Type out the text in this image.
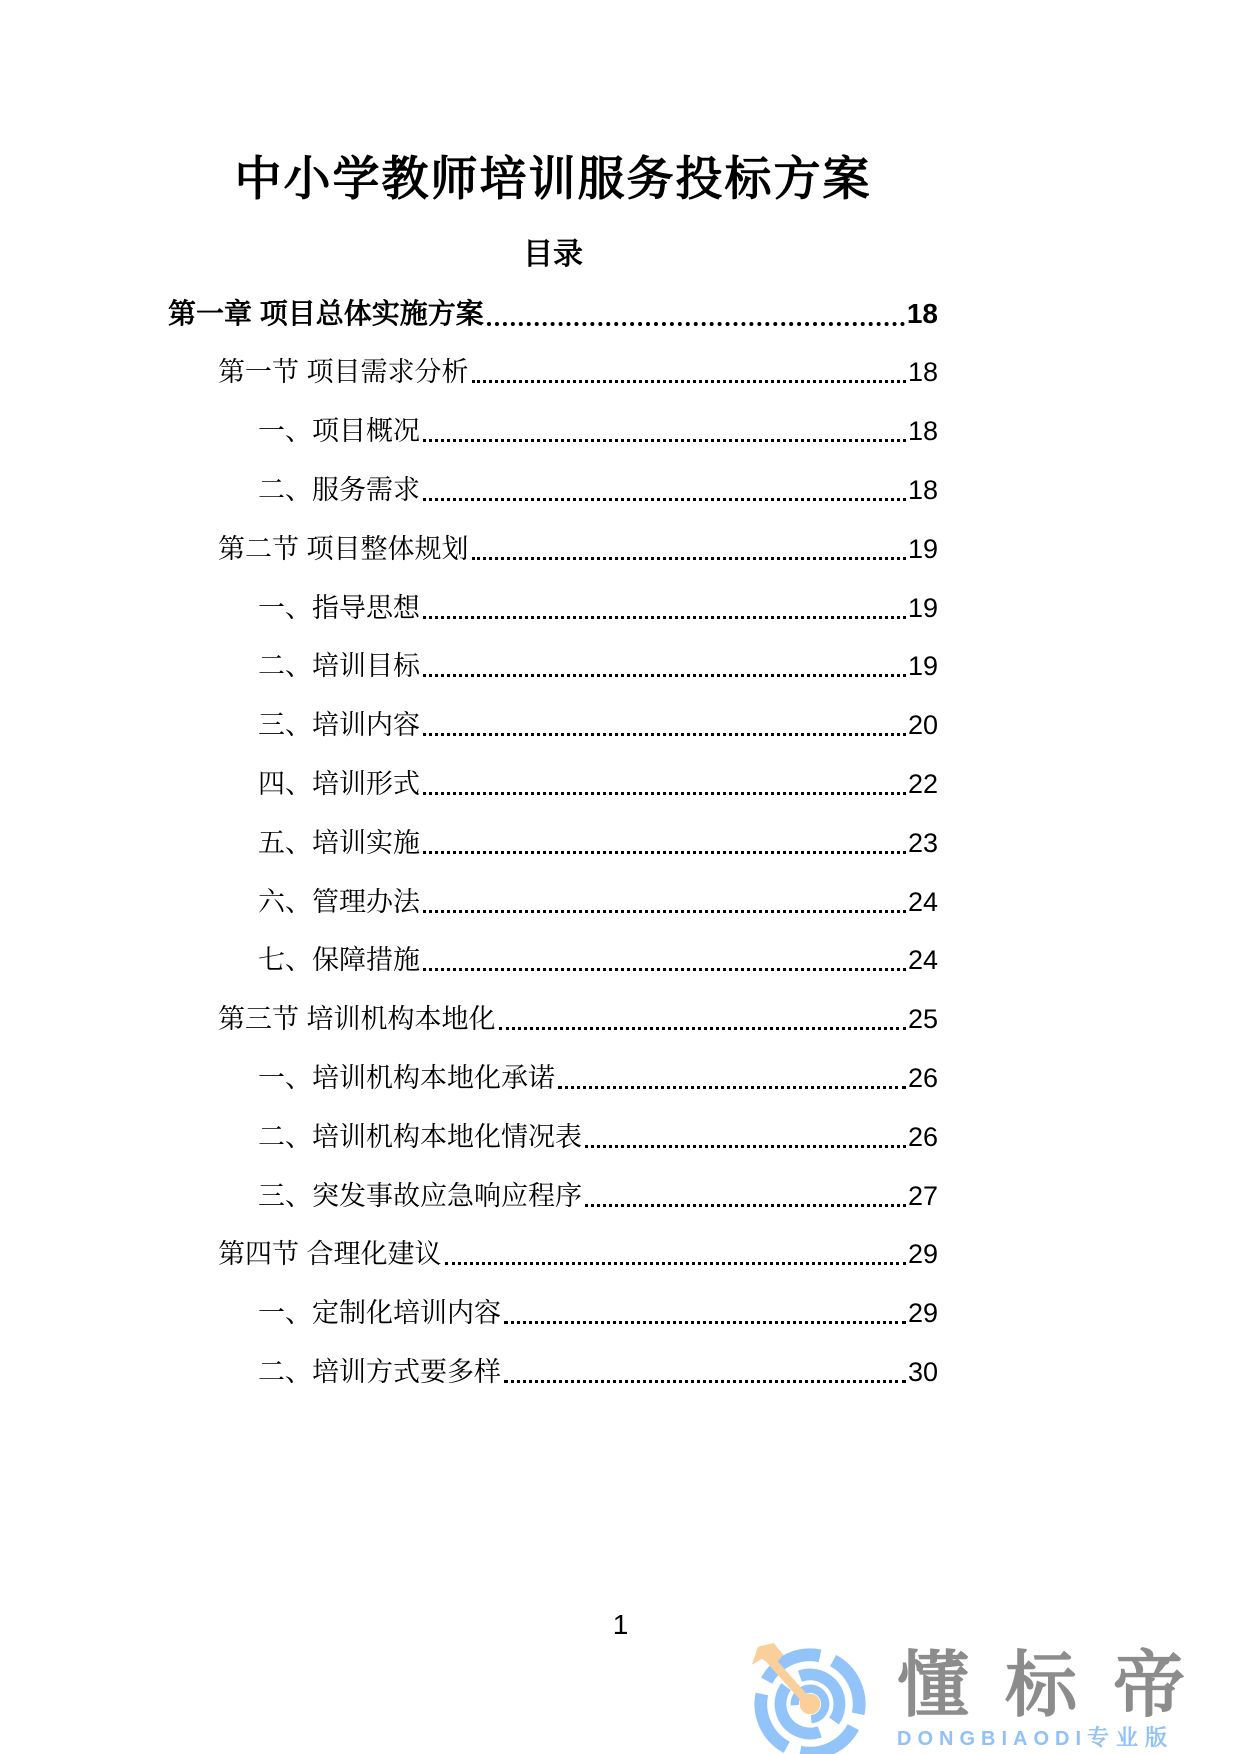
中小学教师培训服务投标方案
目录
第一章 项目总体实施方案	18
第一节 项目需求分析	18
一、项目概况	18
二、服务需求	18
第二节 项目整体规划	19
一、指导思想	19
二、培训目标	19
三、培训内容	20
四、培训形式	22
五、培训实施	23
六、管理办法	24
七、保障措施	24
第三节 培训机构本地化	25
一、培训机构本地化承诺	26
二、培训机构本地化情况表	26
三、突发事故应急响应程序	27
第四节 合理化建议	29
一、定制化培训内容	29
二、培训方式要多样	30
1
懂标帝
DONGBIAODI专业版
